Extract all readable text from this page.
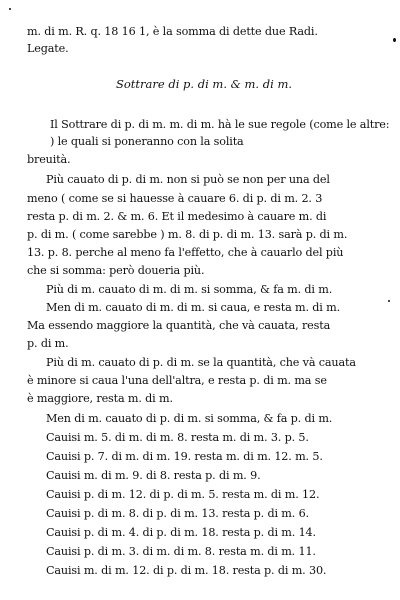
m. di m. R. q. 18 16 1, è la somma di dette due Radi.
Legate.
Sottrare di p. di m. & m. di m.
Il Sottrare di p. di m. m. di m. hà le sue regole (come le altre: ) le quali si poneranno con la solita
breuità.
Più cauato di p. di m. non si può se non per una del
meno ( come se si hauesse à cauare 6. di p. di m. 2. 3
resta p. di m. 2. & m. 6. Et il medesimo à cauare m. di
p. di m. ( come sarebbe ) m. 8. di p. di m. 13. sarà p. di m.
13. p. 8. perche al meno fa l'effetto, che à cauarlo del più
che si somma: però doueria più.
Più di m. cauato di m. di m. si somma, & fa m. di m.
Men di m. cauato di m. di m. si caua, e resta m. di m.
Ma essendo maggiore la quantità, che và cauata, resta
p. di m.
Più di m. cauato di p. di m. se la quantità, che và cauata
è minore si caua l'una dell'altra, e resta p. di m. ma se
è maggiore, resta m. di m.
Men di m. cauato di p. di m. si somma, & fa p. di m.
Cauisi m. 5. di m. di m. 8. resta m. di m. 3. p. 5.
Cauisi p. 7. di m. di m. 19. resta m. di m. 12. m. 5.
Cauisi m. di m. 9. di 8. resta p. di m. 9.
Cauisi p. di m. 12. di p. di m. 5. resta m. di m. 12.
Cauisi p. di m. 8. di p. di m. 13. resta p. di m. 6.
Cauisi p. di m. 4. di p. di m. 18. resta p. di m. 14.
Cauisi p. di m. 3. di m. di m. 8. resta m. di m. 11.
Cauisi m. di m. 12. di p. di m. 18. resta p. di m. 30.
